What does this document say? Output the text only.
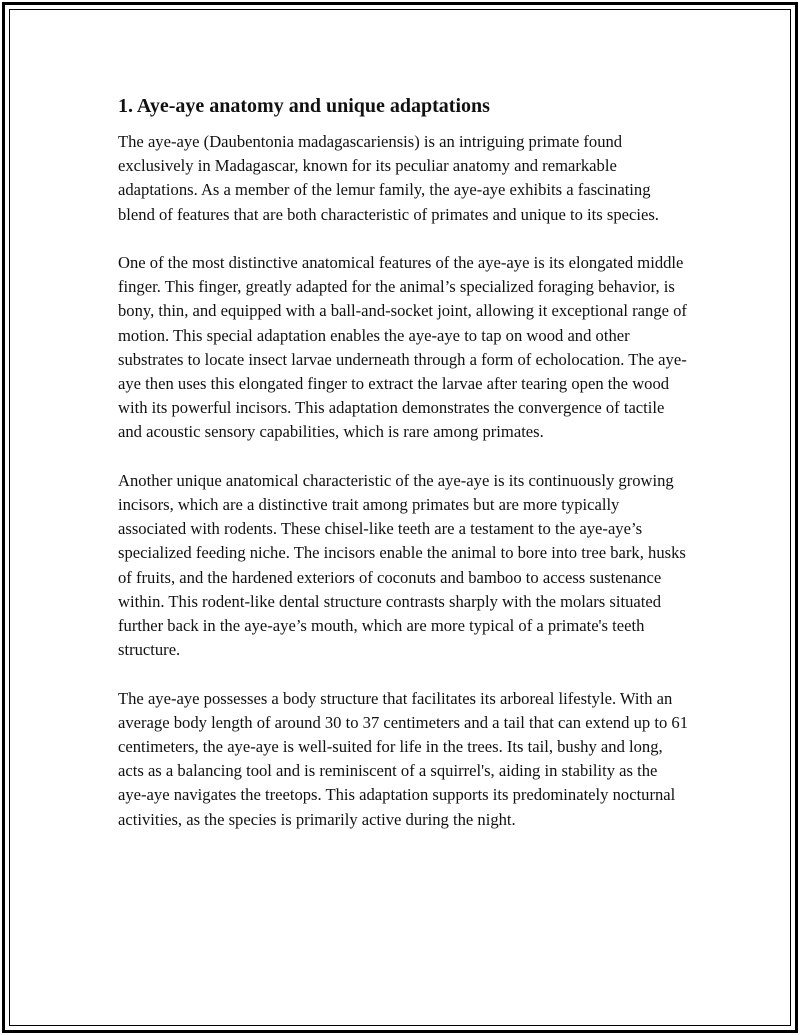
1. Aye-aye anatomy and unique adaptations

The aye-aye (Daubentonia madagascariensis) is an intriguing primate found exclusively in Madagascar, known for its peculiar anatomy and remarkable adaptations. As a member of the lemur family, the aye-aye exhibits a fascinating blend of features that are both characteristic of primates and unique to its species.

One of the most distinctive anatomical features of the aye-aye is its elongated middle finger. This finger, greatly adapted for the animal’s specialized foraging behavior, is bony, thin, and equipped with a ball-and-socket joint, allowing it exceptional range of motion. This special adaptation enables the aye-aye to tap on wood and other substrates to locate insect larvae underneath through a form of echolocation. The aye-aye then uses this elongated finger to extract the larvae after tearing open the wood with its powerful incisors. This adaptation demonstrates the convergence of tactile and acoustic sensory capabilities, which is rare among primates.

Another unique anatomical characteristic of the aye-aye is its continuously growing incisors, which are a distinctive trait among primates but are more typically associated with rodents. These chisel-like teeth are a testament to the aye-aye’s specialized feeding niche. The incisors enable the animal to bore into tree bark, husks of fruits, and the hardened exteriors of coconuts and bamboo to access sustenance within. This rodent-like dental structure contrasts sharply with the molars situated further back in the aye-aye’s mouth, which are more typical of a primate's teeth structure.

The aye-aye possesses a body structure that facilitates its arboreal lifestyle. With an average body length of around 30 to 37 centimeters and a tail that can extend up to 61 centimeters, the aye-aye is well-suited for life in the trees. Its tail, bushy and long, acts as a balancing tool and is reminiscent of a squirrel's, aiding in stability as the aye-aye navigates the treetops. This adaptation supports its predominately nocturnal activities, as the species is primarily active during the night.
